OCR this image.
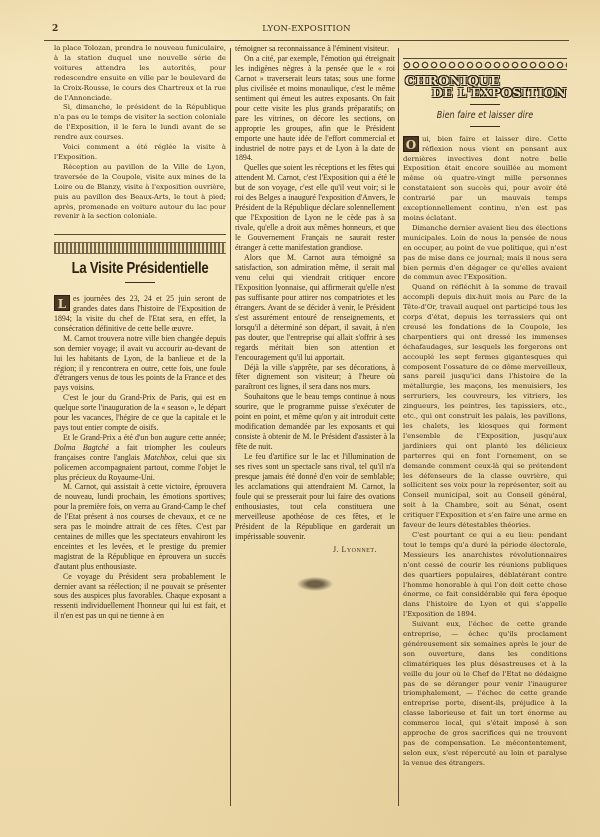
2	LYON-EXPOSITION

la place Tolozan, prendra le nouveau funiculaire, à la station duquel une nouvelle série de voitures attendra les autorités, pour redescendre ensuite en ville par le boulevard de la Croix-Rousse, le cours des Chartreux et la rue de l'Annonciade.

Si, dimanche, le président de la République n'a pas eu le temps de visiter la section coloniale de l'Exposition, il le fera le lundi avant de se rendre aux courses.

Voici comment a été réglée la visite à l'Exposition.

Réception au pavillon de la Ville de Lyon, traversée de la Coupole, visite aux mines de la Loire ou de Blanzy, visite à l'exposition ouvrière, puis au pavillon des Beaux-Arts, le tout à pied; après, promenade en voiture autour du lac pour revenir à la section coloniale.

La Visite Présidentielle

L es journées des 23, 24 et 25 juin seront de grandes dates dans l'histoire de l'Exposition de 1894; la visite du chef de l'Etat sera, en effet, la consécration définitive de cette belle œuvre.

M. Carnot trouvera notre ville bien changée depuis son dernier voyage; il avait vu accourir au-devant de lui les habitants de Lyon, de la banlieue et de la région; il y rencontrera en outre, cette fois, une foule d'étrangers venus de tous les points de la France et des pays voisins.

C'est le jour du Grand-Prix de Paris, qui est en quelque sorte l'inauguration de la « season », le départ pour les vacances, l'hégire de ce que la capitale et le pays tout entier compte de oisifs.

Et le Grand-Prix a été d'un bon augure cette année; Dolma Bagtché a fait triompher les couleurs françaises contre l'anglais Matchbox, celui que six policemen accompagnaient partout, comme l'objet le plus précieux du Royaume-Uni.

M. Carnot, qui assistait à cette victoire, éprouvera de nouveau, lundi prochain, les émotions sportives; pour la première fois, on verra au Grand-Camp le chef de l'Etat présent à nos courses de chevaux, et ce ne sera pas le moindre attrait de ces fêtes. C'est par centaines de milles que les spectateurs envahiront les enceintes et les levées, et le prestige du premier magistrat de la République en éprouvera un succès d'autant plus enthousiaste.

Ce voyage du Président sera probablement le dernier avant sa réélection; il ne pouvait se présenter sous des auspices plus favorables. Chaque exposant a ressenti individuellement l'honneur qui lui est fait, et il n'en est pas un qui ne tienne à en

témoigner sa reconnaissance à l'éminent visiteur.

On a cité, par exemple, l'émotion qui étreignait les indigènes nègres à la pensée que le « roi Carnot » traverserait leurs tatas; sous une forme plus civilisée et moins monaulique, c'est le même sentiment qui émeut les autres exposants. On fait pour cette visite les plus grands préparatifs; on pare les vitrines, on décore les sections, on approprie les groupes, afin que le Président emporte une haute idée de l'effort commercial et industriel de notre pays et de Lyon à la date de 1894.

Quelles que soient les réceptions et les fêtes qui attendent M. Carnot, c'est l'Exposition qui a été le but de son voyage, c'est elle qu'il veut voir; si le roi des Belges a inauguré l'exposition d'Anvers, le Président de la République déclare solennellement que l'Exposition de Lyon ne le cède pas à sa rivale, qu'elle a droit aux mêmes honneurs, et que le Gouvernement Français ne saurait rester étranger à cette manifestation grandiose.

Alors que M. Carnot aura témoigné sa satisfaction, son admiration même, il serait mal venu celui qui viendrait critiquer encore l'Exposition lyonnaise, qui affirmerait qu'elle n'est pas suffisante pour attirer nos compatriotes et les étrangers. Avant de se décider à venir, le Président s'est assurément entouré de renseignements, et lorsqu'il a déterminé son départ, il savait, à n'en pas douter, que l'entreprise qui allait s'offrir à ses regards méritait bien son attention et l'encouragement qu'il lui apportait.

Déjà la ville s'apprête, par ses décorations, à fêter dignement son visiteur; à l'heure où paraîtront ces lignes, il sera dans nos murs.

Souhaitons que le beau temps continue à nous sourire, que le programme puisse s'exécuter de point en point, et même qu'on y ait introduit cette modification demandée par les exposants et qui consiste à obtenir de M. le Président d'assister à la fête de nuit.

Le feu d'artifice sur le lac et l'illumination de ses rives sont un spectacle sans rival, tel qu'il n'a presque jamais été donné d'en voir de semblable; les acclamations qui attendraient M. Carnot, la foule qui se presserait pour lui faire des ovations enthousiastes, tout cela constituera une merveilleuse apothéose de ces fêtes, et le Président de la République en garderait un impérissable souvenir.

J. Lyonnet.
CHRONIQUE
DE L'EXPOSITION
Bien faire et laisser dire

O ui, bien faire et laisser dire. Cette réflexion nous vient en pensant aux dernières invectives dont notre belle Exposition était encore souillée au moment même où quatre-vingt mille personnes constataient son succès qui, pour avoir été contrarié par un mauvais temps exceptionnellement continu, n'en est pas moins éclatant.

Dimanche dernier avaient lieu des élections municipales. Loin de nous la pensée de nous en occuper, au point de vue politique, qui n'est pas de mise dans ce journal; mais il nous sera bien permis d'en dégager ce qu'elles avaient de commun avec l'Exposition.

Quand on réfléchit à la somme de travail accompli depuis dix-huit mois au Parc de la Tête-d'Or, travail auquel ont participé tous les corps d'état, depuis les terrassiers qui ont creusé les fondations de la Coupole, les charpentiers qui ont dressé les immenses échafaudages, sur lesquels les forgerons ont accouplé les sept fermes gigantesques qui composent l'ossature de ce dôme merveilleux, sans pareil jusqu'ici dans l'histoire de la métallurgie, les maçons, les menuisiers, les serruriers, les couvreurs, les vitriers, les zingueurs, les peintres, les tapissiers, etc., etc., qui ont construit les palais, les pavillons, les chalets, les kiosques qui forment l'ensemble de l'Exposition, jusqu'aux jardiniers qui ont planté les délicieux parterres qui en font l'ornement, on se demande comment ceux-là qui se prétendent les défenseurs de la classe ouvrière, qui sollicitent ses voix pour la représenter, soit au Conseil municipal, soit au Conseil général, soit à la Chambre, soit au Sénat, osent critiquer l'Exposition et s'en faire une arme en faveur de leurs détestables théories.

C'est pourtant ce qui a eu lieu: pendant tout le temps qu'a duré la période électorale, Messieurs les anarchistes révolutionnaires n'ont cessé de courir les réunions publiques des quartiers populaires, déblatérant contre l'homme honorable à qui l'on doit cette chose énorme, ce fait considérable qui fera époque dans l'histoire de Lyon et qui s'appelle l'Exposition de 1894.

Suivant eux, l'échec de cette grande entreprise, — échec qu'ils proclament généreusement six semaines après le jour de son ouverture, dans les conditions climatériques les plus désastreuses et à la veille du jour où le Chef de l'Etat ne dédaigne pas de se déranger pour venir l'inaugurer triomphalement, — l'échec de cette grande entreprise porte, disent-ils, préjudice à la classe laborieuse et fait un tort énorme au commerce local, qui s'était imposé à son approche de gros sacrifices qui ne trouvent pas de compensation. Le mécontentement, selon eux, s'est répercuté au loin et paralyse la venue des étrangers.
